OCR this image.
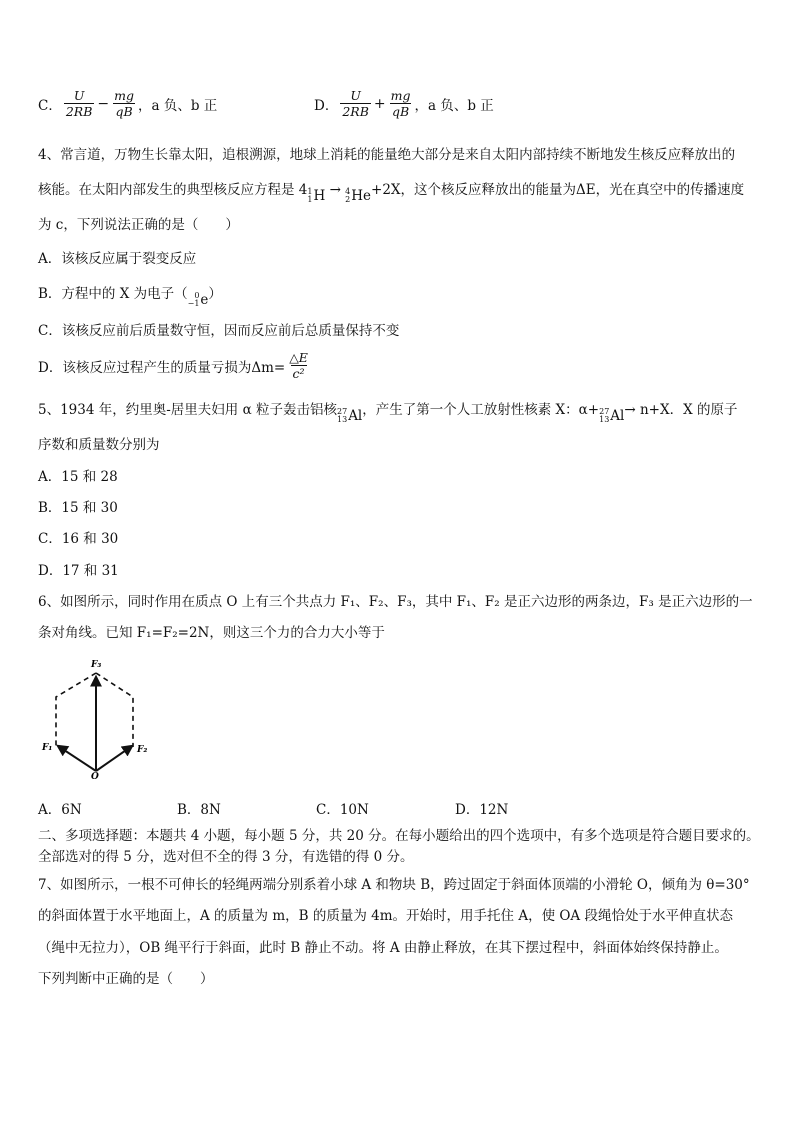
C． $\frac{U}{2RB} - \frac{mg}{qB}$ ，a 负、b 正	D． $\frac{U}{2RB} + \frac{mg}{qB}$ ，a 负、b 正
4、常言道，万物生长靠太阳，追根溯源，地球上消耗的能量绝大部分是来自太阳内部持续不断地发生核反应释放出的
核能。在太阳内部发生的典型核反应方程是 4 1
1 H → 4
2 He +2X，这个核反应释放出的能量为ΔE，光在真空中的传播速度
为 c，下列说法正确的是（　　）
A．该核反应属于裂变反应
B．方程中的 X 为电子（ 0
−1 e ）
C．该核反应前后质量数守恒，因而反应前后总质量保持不变
D．该核反应过程产生的质量亏损为$\Delta m= \frac{\triangle E}{\text{c²}}$
5、1934 年，约里奥-居里夫妇用 α 粒子轰击铝核 27
13 Al ，产生了第一个人工放射性核素 X：α+ 27
13 Al → n+X．X 的原子
序数和质量数分别为
A．15 和 28
B．15 和 30
C．16 和 30
D．17 和 31
6、如图所示，同时作用在质点 O 上有三个共点力 F₁、F₂、F₃，其中 F₁、F₂ 是正六边形的两条边，F₃ 是正六边形的一
条对角线。已知 F₁=F₂=2N，则这三个力的合力大小等于
F₃
F₁	F₂
O
A．6N	B．8N	C．10N	D．12N
二、多项选择题：本题共 4 小题，每小题 5 分，共 20 分。在每小题给出的四个选项中，有多个选项是符合题目要求的。
全部选对的得 5 分，选对但不全的得 3 分，有选错的得 0 分。
7、如图所示，一根不可伸长的轻绳两端分别系着小球 A 和物块 B，跨过固定于斜面体顶端的小滑轮 O，倾角为 θ=30°
的斜面体置于水平地面上，A 的质量为 m，B 的质量为 4m。开始时，用手托住 A，使 OA 段绳恰处于水平伸直状态
（绳中无拉力），OB 绳平行于斜面，此时 B 静止不动。将 A 由静止释放，在其下摆过程中，斜面体始终保持静止。
下列判断中正确的是（　　）
